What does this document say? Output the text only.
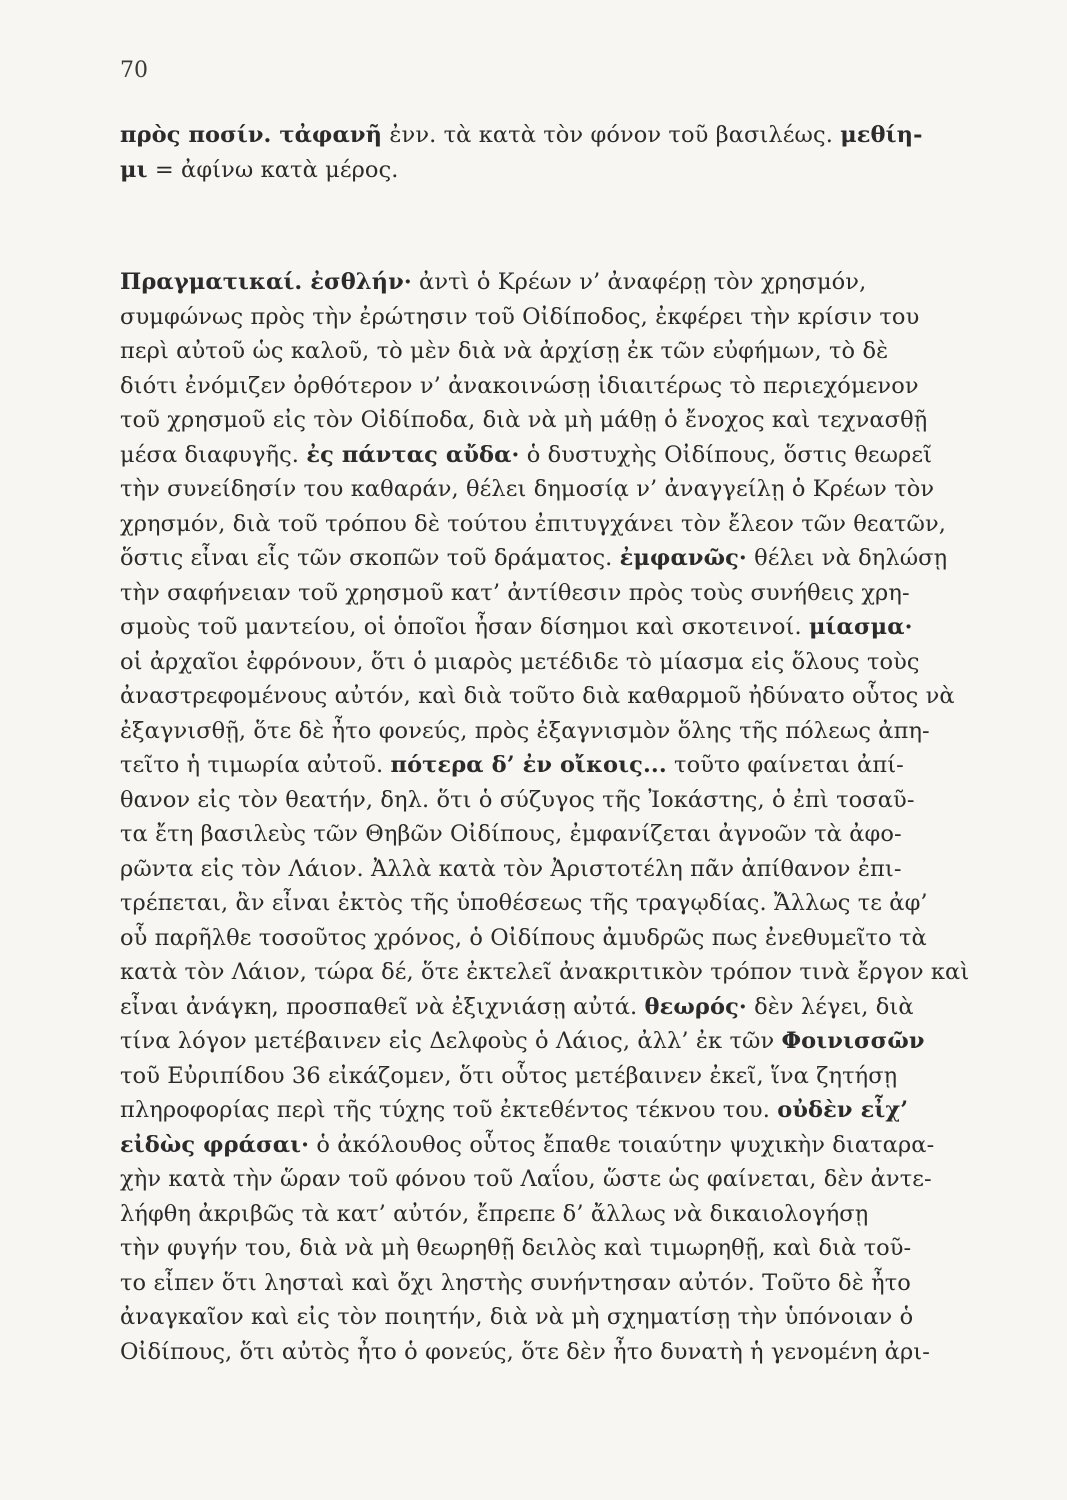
70
πρὸς ποσίν. τἀφανῆ ἐνν. τὰ κατὰ τὸν φόνον τοῦ βασιλέως. μεθίη-
μι = ἀφίνω κατὰ μέρος.
Πραγματικαί. ἐσθλήν· ἀντὶ ὁ Κρέων ν’ ἀναφέρῃ τὸν χρησμόν,
συμφώνως πρὸς τὴν ἐρώτησιν τοῦ Οἰδίποδος, ἐκφέρει τὴν κρίσιν του
περὶ αὐτοῦ ὡς καλοῦ, τὸ μὲν διὰ νὰ ἀρχίσῃ ἐκ τῶν εὐφήμων, τὸ δὲ
διότι ἐνόμιζεν ὀρθότερον ν’ ἀνακοινώσῃ ἰδιαιτέρως τὸ περιεχόμενον
τοῦ χρησμοῦ εἰς τὸν Οἰδίποδα, διὰ νὰ μὴ μάθῃ ὁ ἔνοχος καὶ τεχνασθῇ
μέσα διαφυγῆς. ἐς πάντας αὔδα· ὁ δυστυχὴς Οἰδίπους, ὅστις θεωρεῖ
τὴν συνείδησίν του καθαράν, θέλει δημοσίᾳ ν’ ἀναγγείλῃ ὁ Κρέων τὸν
χρησμόν, διὰ τοῦ τρόπου δὲ τούτου ἐπιτυγχάνει τὸν ἔλεον τῶν θεατῶν,
ὅστις εἶναι εἷς τῶν σκοπῶν τοῦ δράματος. ἐμφανῶς· θέλει νὰ δηλώσῃ
τὴν σαφήνειαν τοῦ χρησμοῦ κατ’ ἀντίθεσιν πρὸς τοὺς συνήθεις χρη-
σμοὺς τοῦ μαντείου, οἱ ὁποῖοι ἦσαν δίσημοι καὶ σκοτεινοί. μίασμα·
οἱ ἀρχαῖοι ἐφρόνουν, ὅτι ὁ μιαρὸς μετέδιδε τὸ μίασμα εἰς ὅλους τοὺς
ἀναστρεφομένους αὐτόν, καὶ διὰ τοῦτο διὰ καθαρμοῦ ἠδύνατο οὗτος νὰ
ἐξαγνισθῇ, ὅτε δὲ ἦτο φονεύς, πρὸς ἐξαγνισμὸν ὅλης τῆς πόλεως ἀπη-
τεῖτο ἡ τιμωρία αὐτοῦ. πότερα δ’ ἐν οἴκοις... τοῦτο φαίνεται ἀπί-
θανον εἰς τὸν θεατήν, δηλ. ὅτι ὁ σύζυγος τῆς Ἰοκάστης, ὁ ἐπὶ τοσαῦ-
τα ἔτη βασιλεὺς τῶν Θηβῶν Οἰδίπους, ἐμφανίζεται ἀγνοῶν τὰ ἀφο-
ρῶντα εἰς τὸν Λάιον. Ἀλλὰ κατὰ τὸν Ἀριστοτέλη πᾶν ἀπίθανον ἐπι-
τρέπεται, ἂν εἶναι ἐκτὸς τῆς ὑποθέσεως τῆς τραγῳδίας. Ἄλλως τε ἀφ’
οὗ παρῆλθε τοσοῦτος χρόνος, ὁ Οἰδίπους ἀμυδρῶς πως ἐνεθυμεῖτο τὰ
κατὰ τὸν Λάιον, τώρα δέ, ὅτε ἐκτελεῖ ἀνακριτικὸν τρόπον τινὰ ἔργον καὶ
εἶναι ἀνάγκη, προσπαθεῖ νὰ ἐξιχνιάσῃ αὐτά. θεωρός· δὲν λέγει, διὰ
τίνα λόγον μετέβαινεν εἰς Δελφοὺς ὁ Λάιος, ἀλλ’ ἐκ τῶν Φοινισσῶν
τοῦ Εὐριπίδου 36 εἰκάζομεν, ὅτι οὗτος μετέβαινεν ἐκεῖ, ἵνα ζητήσῃ
πληροφορίας περὶ τῆς τύχης τοῦ ἐκτεθέντος τέκνου του. οὐδὲν εἶχ’
εἰδὼς φράσαι· ὁ ἀκόλουθος οὗτος ἔπαθε τοιαύτην ψυχικὴν διαταρα-
χὴν κατὰ τὴν ὥραν τοῦ φόνου τοῦ Λαΐου, ὥστε ὡς φαίνεται, δὲν ἀντε-
λήφθη ἀκριβῶς τὰ κατ’ αὐτόν, ἔπρεπε δ’ ἄλλως νὰ δικαιολογήσῃ
τὴν φυγήν του, διὰ νὰ μὴ θεωρηθῇ δειλὸς καὶ τιμωρηθῇ, καὶ διὰ τοῦ-
το εἶπεν ὅτι λησταὶ καὶ ὄχι ληστὴς συνήντησαν αὐτόν. Τοῦτο δὲ ἦτο
ἀναγκαῖον καὶ εἰς τὸν ποιητήν, διὰ νὰ μὴ σχηματίσῃ τὴν ὑπόνοιαν ὁ
Οἰδίπους, ὅτι αὐτὸς ἦτο ὁ φονεύς, ὅτε δὲν ἦτο δυνατὴ ἡ γενομένη ἀρι-
